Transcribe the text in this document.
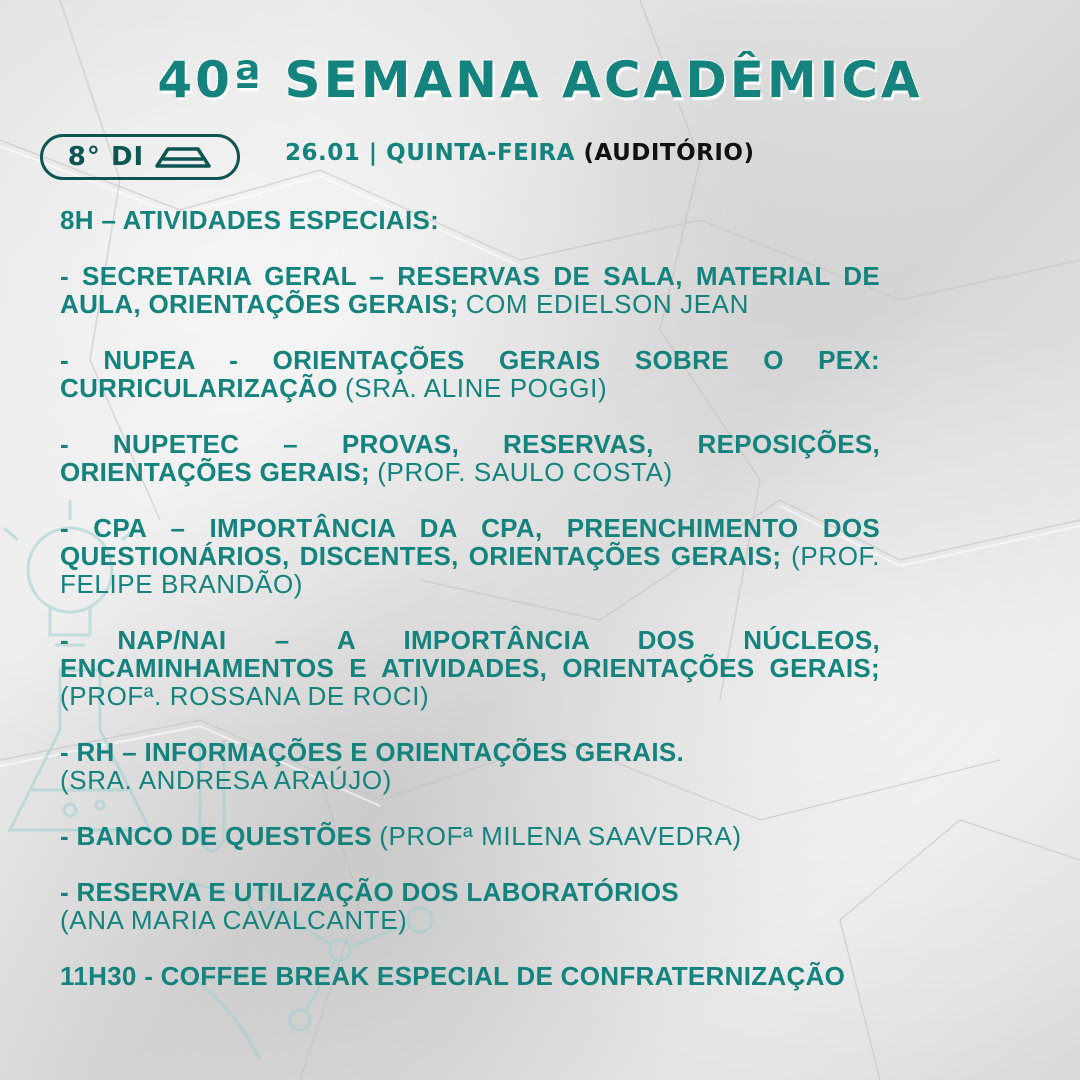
40ª SEMANA ACADÊMICA
8° DI	26.01 | QUINTA-FEIRA (AUDITÓRIO)

8H – ATIVIDADES ESPECIAIS:

- SECRETARIA GERAL – RESERVAS DE SALA, MATERIAL DE AULA, ORIENTAÇÕES GERAIS; COM EDIELSON JEAN

- NUPEA - ORIENTAÇÕES GERAIS SOBRE O PEX: CURRICULARIZAÇÃO (SRA. ALINE POGGI)

- NUPETEC – PROVAS, RESERVAS, REPOSIÇÕES, ORIENTAÇÕES GERAIS; (PROF. SAULO COSTA)

- CPA – IMPORTÂNCIA DA CPA, PREENCHIMENTO DOS QUESTIONÁRIOS, DISCENTES, ORIENTAÇÕES GERAIS; (PROF. FELIPE BRANDÃO)

- NAP/NAI – A IMPORTÂNCIA DOS NÚCLEOS, ENCAMINHAMENTOS E ATIVIDADES, ORIENTAÇÕES GERAIS; (PROFª. ROSSANA DE ROCI)

- RH – INFORMAÇÕES E ORIENTAÇÕES GERAIS.
(SRA. ANDRESA ARAÚJO)

- BANCO DE QUESTÕES (PROFª MILENA SAAVEDRA)

- RESERVA E UTILIZAÇÃO DOS LABORATÓRIOS
(ANA MARIA CAVALCANTE)

11H30 - COFFEE BREAK ESPECIAL DE CONFRATERNIZAÇÃO
